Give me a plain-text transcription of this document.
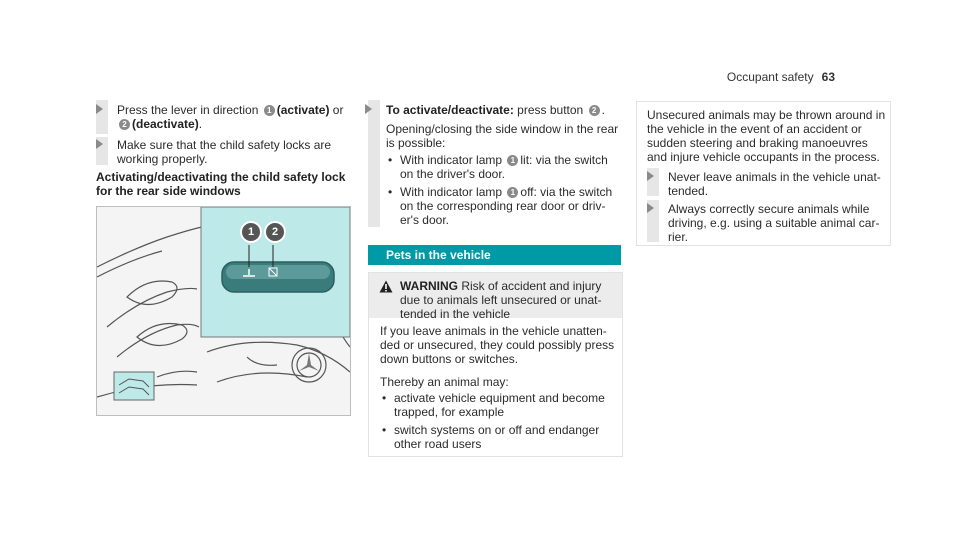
Occupant safety 63
Press the lever in direction 1 (activate) or
2 (deactivate).
Make sure that the child safety locks are
working properly.
Activating/deactivating the child safety lock
for the rear side windows
1	2
To activate/deactivate: press button 2 .
Opening/closing the side window in the rear
is possible:
• With indicator lamp 1 lit: via the switch
on the driver's door.
• With indicator lamp 1 off: via the switch
on the corresponding rear door or driv-
er's door.
Pets in the vehicle
WARNING Risk of accident and injury
due to animals left unsecured or unat-
tended in the vehicle
If you leave animals in the vehicle unatten-
ded or unsecured, they could possibly press
down buttons or switches.
Thereby an animal may:
• activate vehicle equipment and become
trapped, for example
• switch systems on or off and endanger
other road users
Unsecured animals may be thrown around in
the vehicle in the event of an accident or
sudden steering and braking manoeuvres
and injure vehicle occupants in the process.
Never leave animals in the vehicle unat-
tended.
Always correctly secure animals while
driving, e.g. using a suitable animal car-
rier.
